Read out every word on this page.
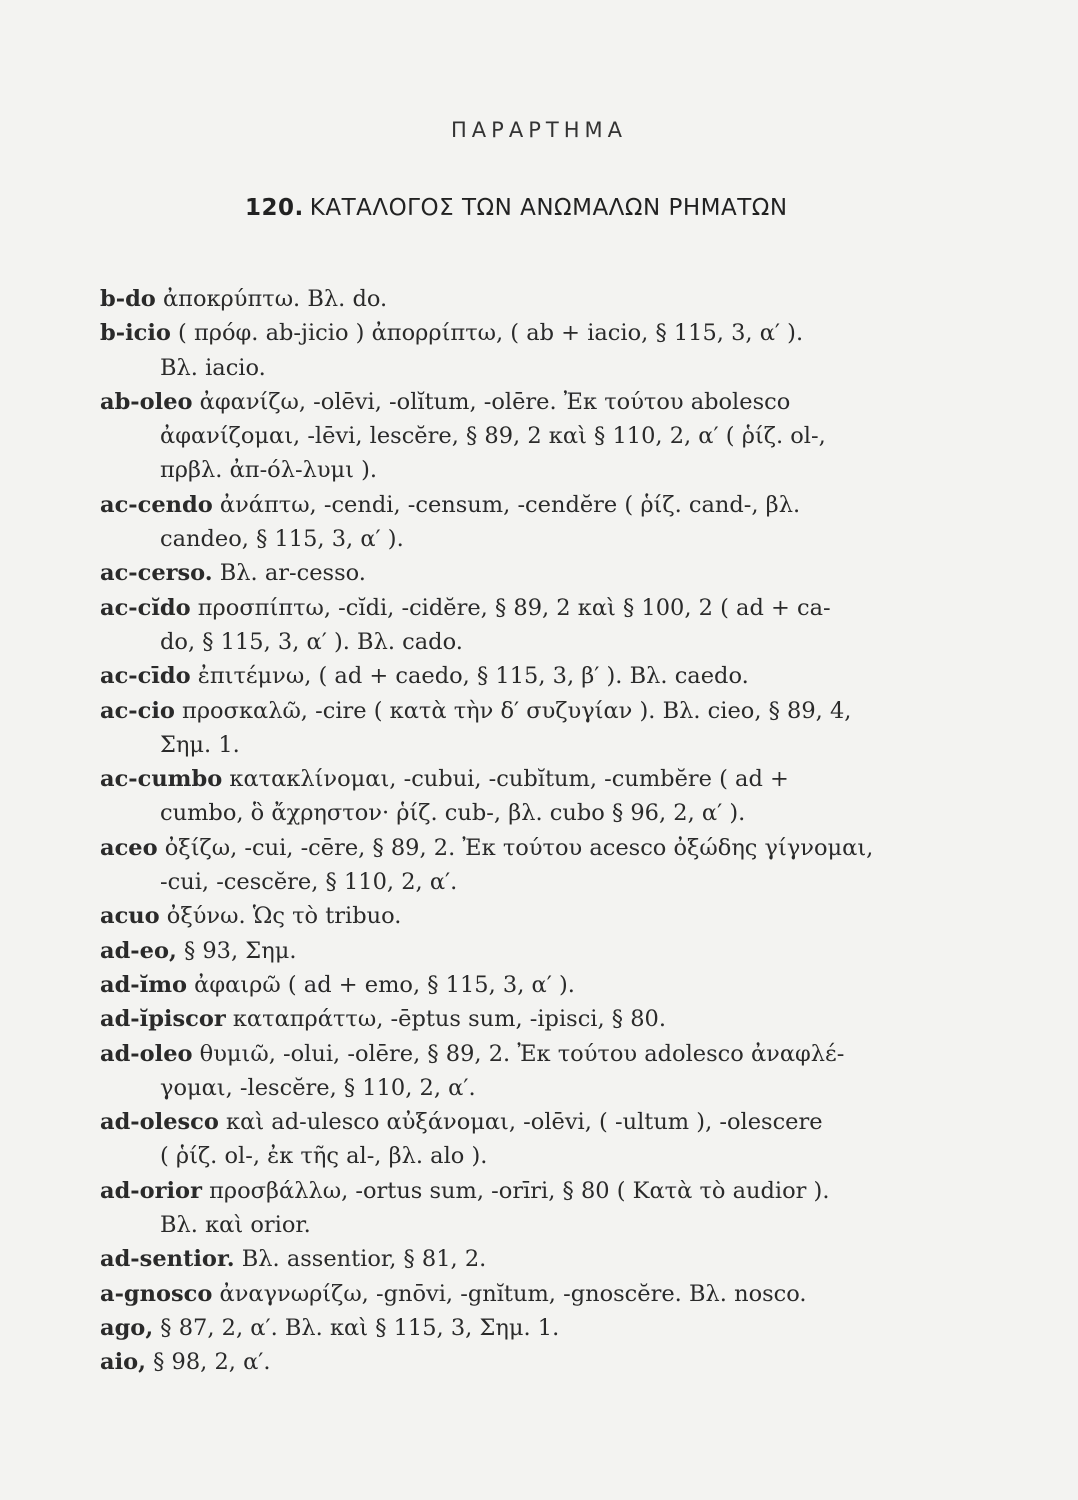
ΠΑΡΑΡΤΗΜΑ
120. ΚΑΤΑΛΟΓΟΣ ΤΩΝ ΑΝΩΜΑΛΩΝ ΡΗΜΑΤΩΝ
b-do ἀποκρύπτω. Βλ. do.
b-icio ( πρόφ. ab-jicio ) ἀπορρίπτω, ( ab + iacio, § 115, 3, α′ ).
Βλ. iacio.
ab-oleo ἀφανίζω, -olēvi, -olĭtum, -olēre. Ἐκ τούτου abolesco
ἀφανίζομαι, -lēvi, lescĕre, § 89, 2 καὶ § 110, 2, α′ ( ῥίζ. ol-,
πρβλ. ἀπ-όλ-λυμι ).
ac-cendo ἀνάπτω, -cendi, -censum, -cendĕre ( ῥίζ. cand-, βλ.
candeo, § 115, 3, α′ ).
ac-cerso. Βλ. ar-cesso.
ac-cĭdo προσπίπτω, -cĭdi, -cidĕre, § 89, 2 καὶ § 100, 2 ( ad + ca-
do, § 115, 3, α′ ). Βλ. cado.
ac-cīdo ἐπιτέμνω, ( ad + caedo, § 115, 3, β′ ). Βλ. caedo.
ac-cio προσκαλῶ, -cire ( κατὰ τὴν δ′ συζυγίαν ). Βλ. cieo, § 89, 4,
Σημ. 1.
ac-cumbo κατακλίνομαι, -cubui, -cubĭtum, -cumbĕre ( ad +
cumbo, ὃ ἄχρηστον· ῥίζ. cub-, βλ. cubo § 96, 2, α′ ).
aceo ὀξίζω, -cui, -cēre, § 89, 2. Ἐκ τούτου acesco ὀξώδης γίγνομαι,
-cui, -cescĕre, § 110, 2, α′.
acuo ὀξύνω. Ὡς τὸ tribuo.
ad-eo, § 93, Σημ.
ad-ĭmo ἀφαιρῶ ( ad + emo, § 115, 3, α′ ).
ad-ĭpiscor καταπράττω, -ēptus sum, -ipisci, § 80.
ad-oleo θυμιῶ, -olui, -olēre, § 89, 2. Ἐκ τούτου adolesco ἀναφλέ-
γομαι, -lescĕre, § 110, 2, α′.
ad-olesco καὶ ad-ulesco αὐξάνομαι, -olēvi, ( -ultum ), -olescere
( ῥίζ. ol-, ἐκ τῆς al-, βλ. alo ).
ad-orior προσβάλλω, -ortus sum, -orīri, § 80 ( Κατὰ τὸ audior ).
Βλ. καὶ orior.
ad-sentior. Βλ. assentior, § 81, 2.
a-gnosco ἀναγνωρίζω, -gnōvi, -gnĭtum, -gnoscĕre. Βλ. nosco.
ago, § 87, 2, α′. Βλ. καὶ § 115, 3, Σημ. 1.
aio, § 98, 2, α′.
